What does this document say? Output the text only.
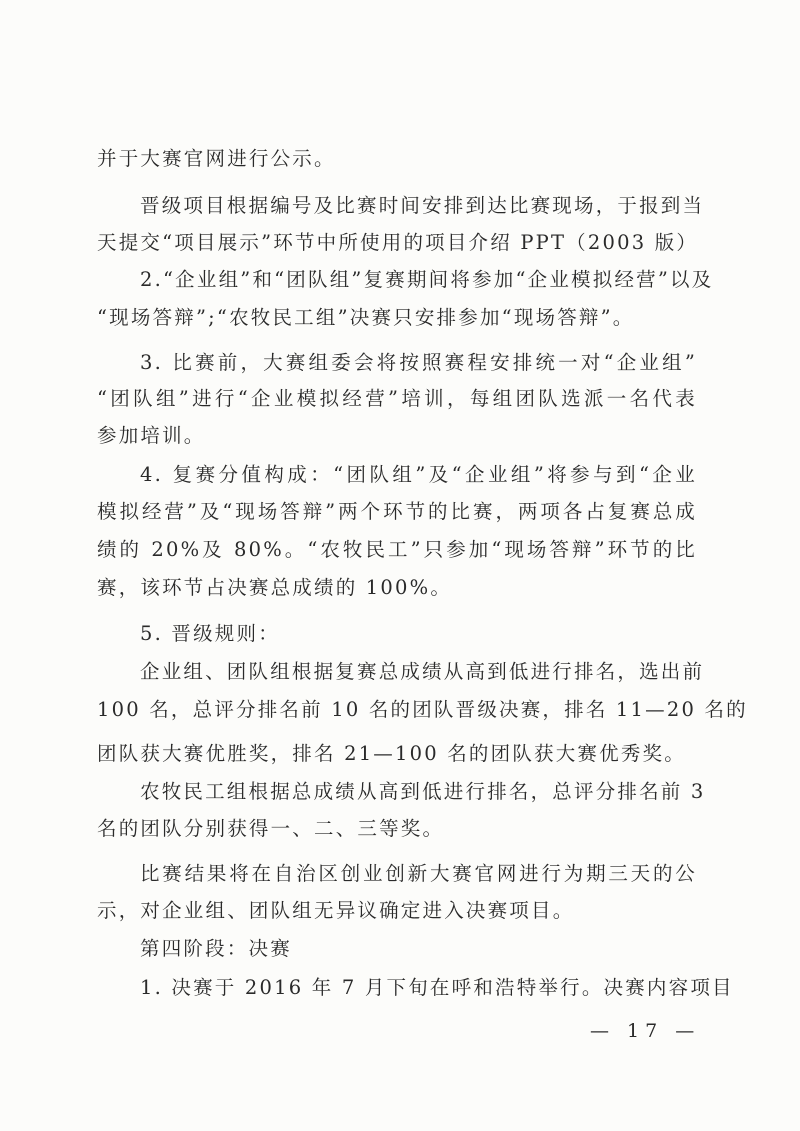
并于大赛官网进行公示。
晋级项目根据编号及比赛时间安排到达比赛现场，于报到当
天提交“项目展示”环节中所使用的项目介绍 PPT（2003 版）
2.“企业组”和“团队组”复赛期间将参加“企业模拟经营”以及
“现场答辩”;“农牧民工组”决赛只安排参加“现场答辩”。
3. 比赛前，大赛组委会将按照赛程安排统一对“企业组”
“团队组”进行“企业模拟经营”培训，每组团队选派一名代表
参加培训。
4. 复赛分值构成：“团队组”及“企业组”将参与到“企业
模拟经营”及“现场答辩”两个环节的比赛，两项各占复赛总成
绩的 20%及 80%。“农牧民工”只参加“现场答辩”环节的比
赛，该环节占决赛总成绩的 100%。
5. 晋级规则：
企业组、团队组根据复赛总成绩从高到低进行排名，选出前
100 名，总评分排名前 10 名的团队晋级决赛，排名 11—20 名的
团队获大赛优胜奖，排名 21—100 名的团队获大赛优秀奖。
农牧民工组根据总成绩从高到低进行排名，总评分排名前 3
名的团队分别获得一、二、三等奖。
比赛结果将在自治区创业创新大赛官网进行为期三天的公
示，对企业组、团队组无异议确定进入决赛项目。
第四阶段：决赛
1. 决赛于 2016 年 7 月下旬在呼和浩特举行。决赛内容项目
— 17 —
